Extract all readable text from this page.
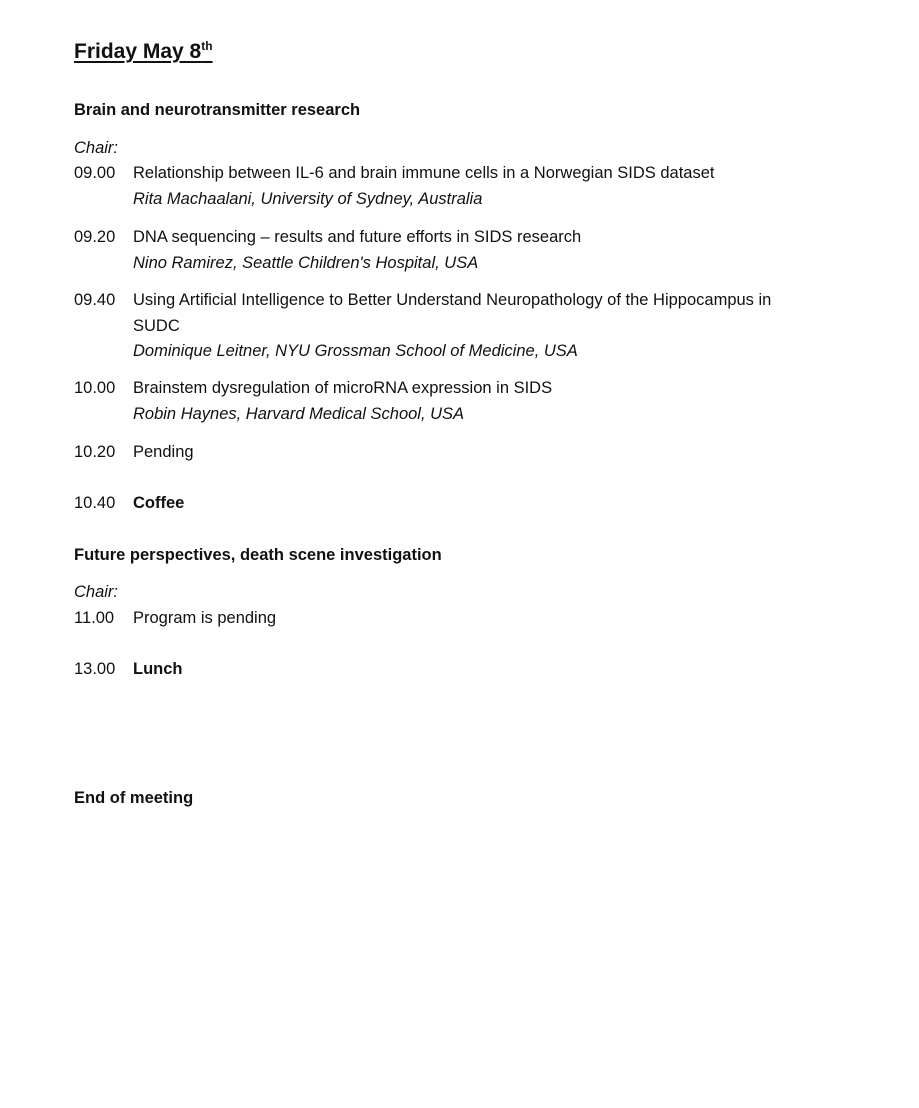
Friday May 8th
Brain and neurotransmitter research
Chair:
09.00	Relationship between IL-6 and brain immune cells in a Norwegian SIDS dataset
Rita Machaalani, University of Sydney, Australia
09.20	DNA sequencing – results and future efforts in SIDS research
Nino Ramirez, Seattle Children's Hospital, USA
09.40	Using Artificial Intelligence to Better Understand Neuropathology of the Hippocampus in SUDC
Dominique Leitner, NYU Grossman School of Medicine, USA
10.00	Brainstem dysregulation of microRNA expression in SIDS
Robin Haynes, Harvard Medical School, USA
10.20	Pending
10.40	Coffee
Future perspectives, death scene investigation
Chair:
11.00	Program is pending
13.00	Lunch
End of meeting
